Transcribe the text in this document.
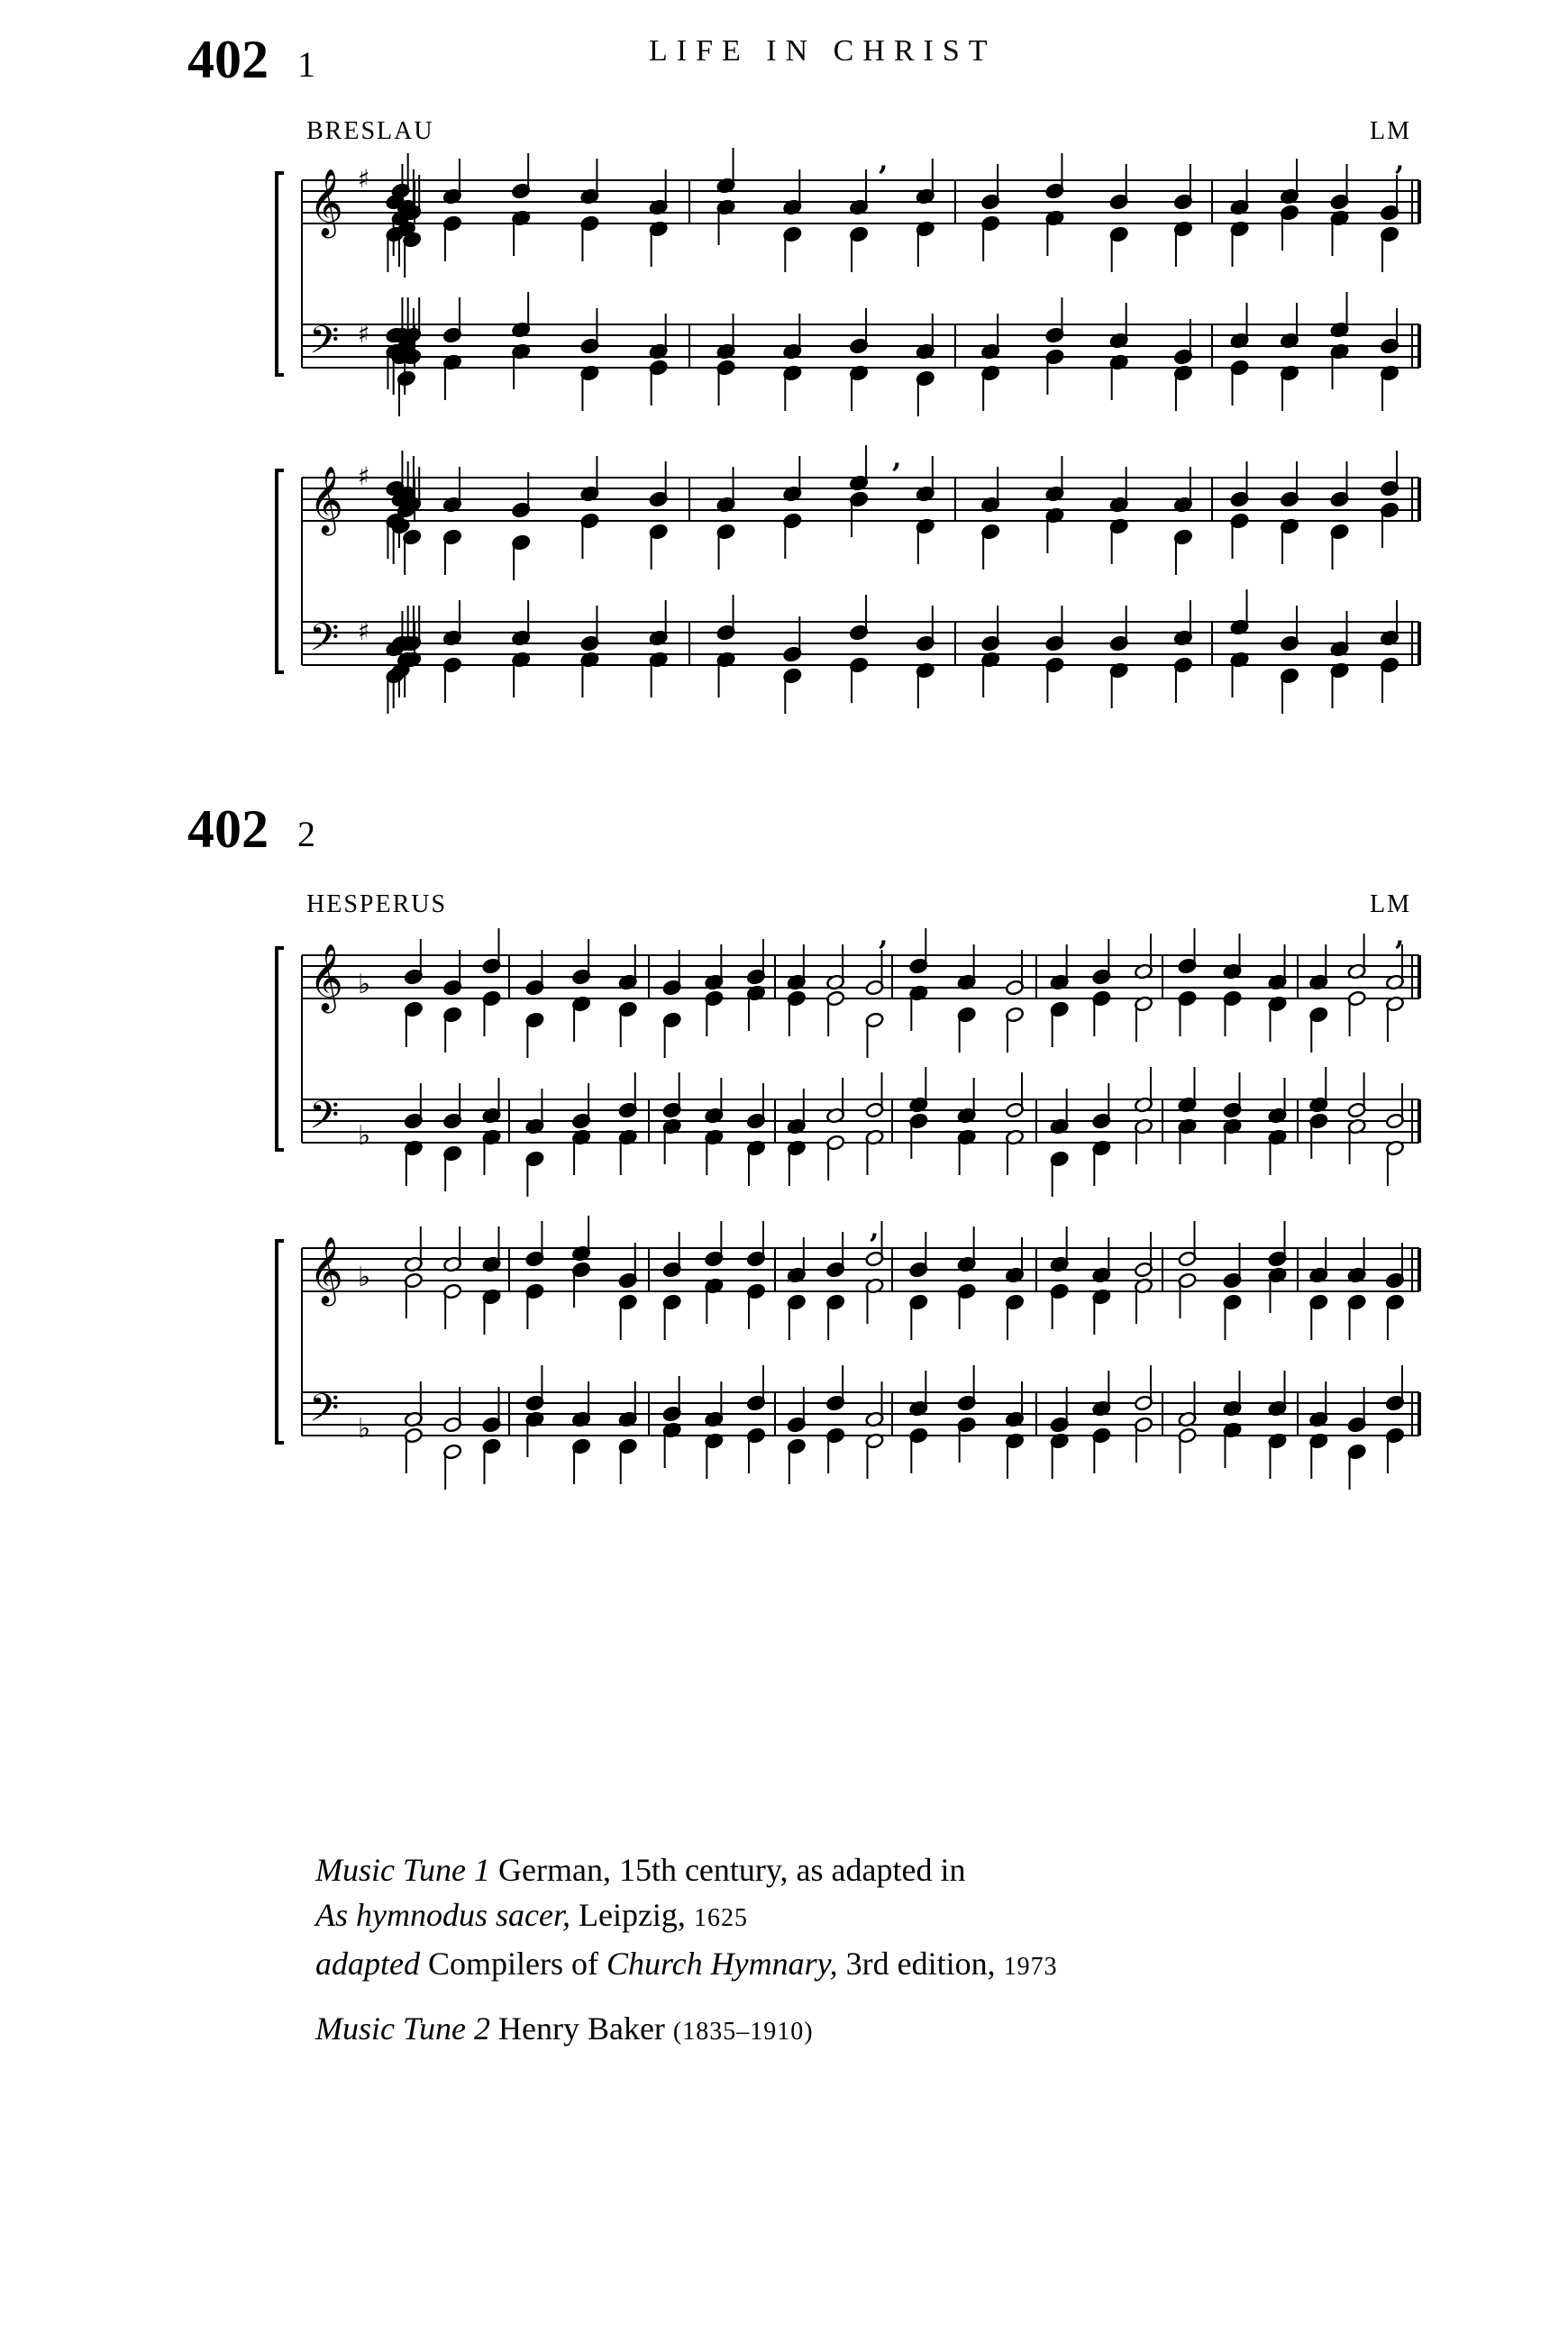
402 1	LIFE IN CHRIST
BRESLAU	LM
𝄞
𝄢
♯
♯
,	,
𝄞
𝄢
♯
♯
,
402 2
HESPERUS	LM
𝄞
𝄢
♭
♭
,	,
𝄞
𝄢
♭
♭
,

Music Tune 1 German, 15th century, as adapted in

As hymnodus sacer, Leipzig, 1625

adapted Compilers of Church Hymnary, 3rd edition, 1973

Music Tune 2 Henry Baker (1835–1910)
